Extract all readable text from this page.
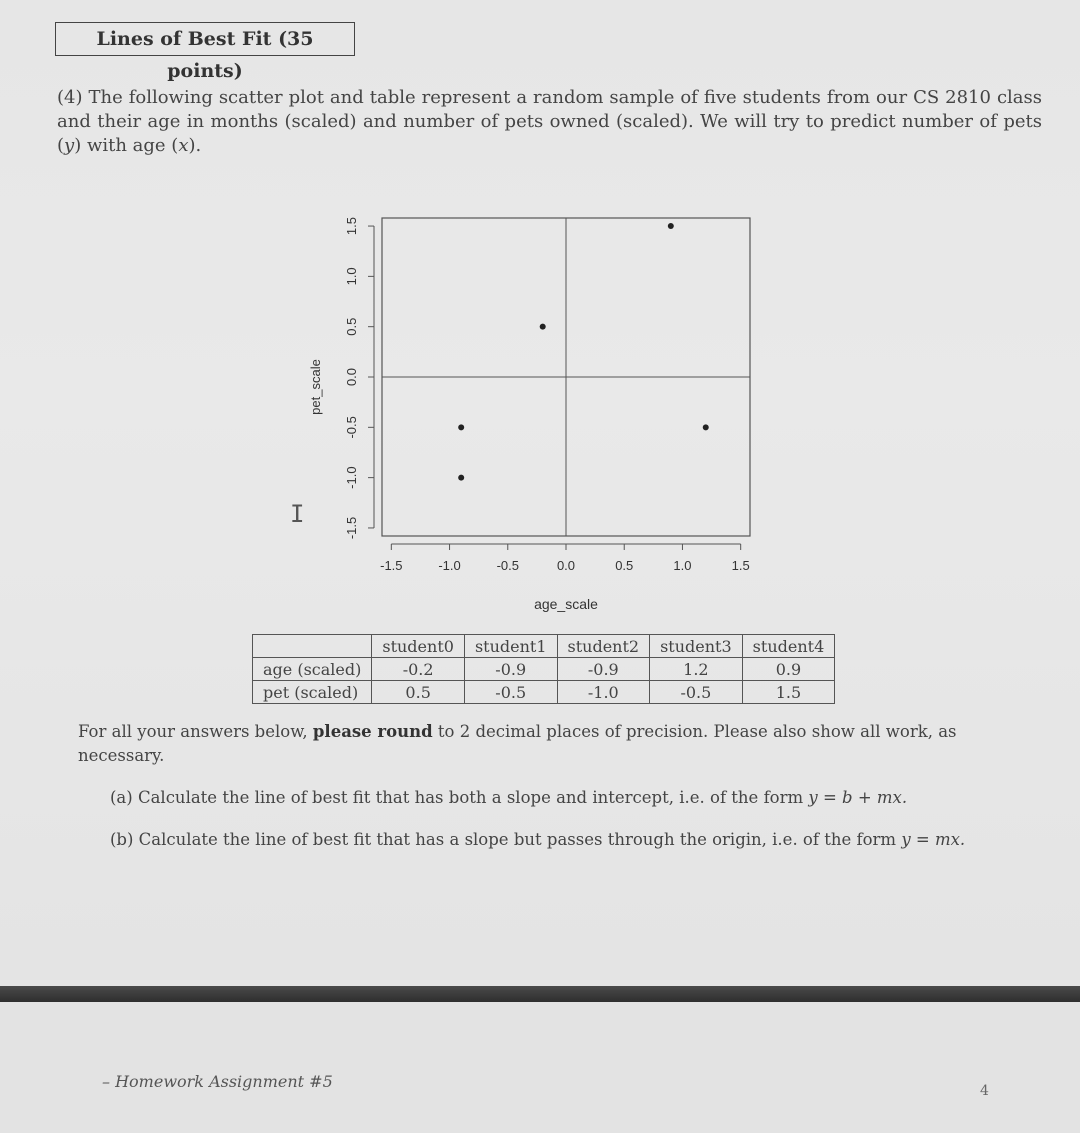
Lines of Best Fit (35 points)
(4) The following scatter plot and table represent a random sample of five students from our CS 2810 class and their age in months (scaled) and number of pets owned (scaled). We will try to predict number of pets (y) with age (x).
I
-1.5	-1.0	-0.5	0.0	0.5	1.0	1.5
-1.5
-1.0
-0.5
0.0
0.5
1.0
1.5
age_scale
pet_scale
	student0	student1	student2	student3	student4
age (scaled)	-0.2	-0.9	-0.9	1.2	0.9
pet (scaled)	0.5	-0.5	-1.0	-0.5	1.5

For all your answers below, please round to 2 decimal places of precision. Please also show all work, as necessary.

(a) Calculate the line of best fit that has both a slope and intercept, i.e. of the form y = b + mx.

(b) Calculate the line of best fit that has a slope but passes through the origin, i.e. of the form y = mx.

– Homework Assignment #5	4
